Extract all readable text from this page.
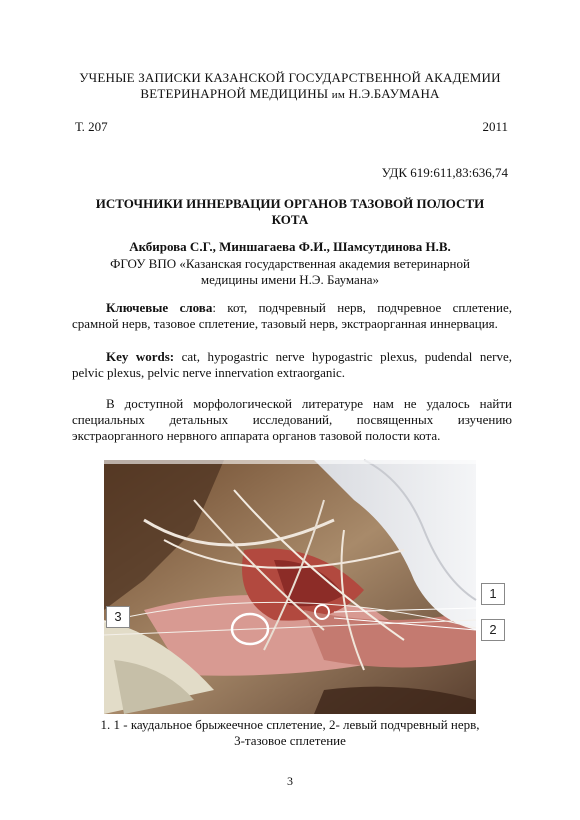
УЧЕНЫЕ ЗАПИСКИ КАЗАНСКОЙ ГОСУДАРСТВЕННОЙ АКАДЕМИИ
ВЕТЕРИНАРНОЙ МЕДИЦИНЫ им Н.Э.БАУМАНА
Т. 207	2011
УДК 619:611,83:636,74
ИСТОЧНИКИ ИННЕРВАЦИИ ОРГАНОВ ТАЗОВОЙ ПОЛОСТИ
КОТА
Акбирова С.Г., Миншагаева Ф.И., Шамсутдинова Н.В.
ФГОУ ВПО «Казанская государственная академия ветеринарной
медицины имени Н.Э. Баумана»
Ключевые слова: кот, подчревный нерв, подчревное сплетение, срамной нерв, тазовое сплетение, тазовый нерв, экстраорганная иннервация.
Key words: cat, hypogastric nerve hypogastric plexus, pudendal nerve, pelvic plexus, pelvic nerve innervation extraorganic.
В доступной морфологической литературе нам не удалось найти специальных детальных исследований, посвященных изучению экстраорганного нервного аппарата органов тазовой полости кота.
1
2
3
1. 1 - каудальное брыжеечное сплетение, 2- левый подчревный нерв,
3-тазовое сплетение
3
